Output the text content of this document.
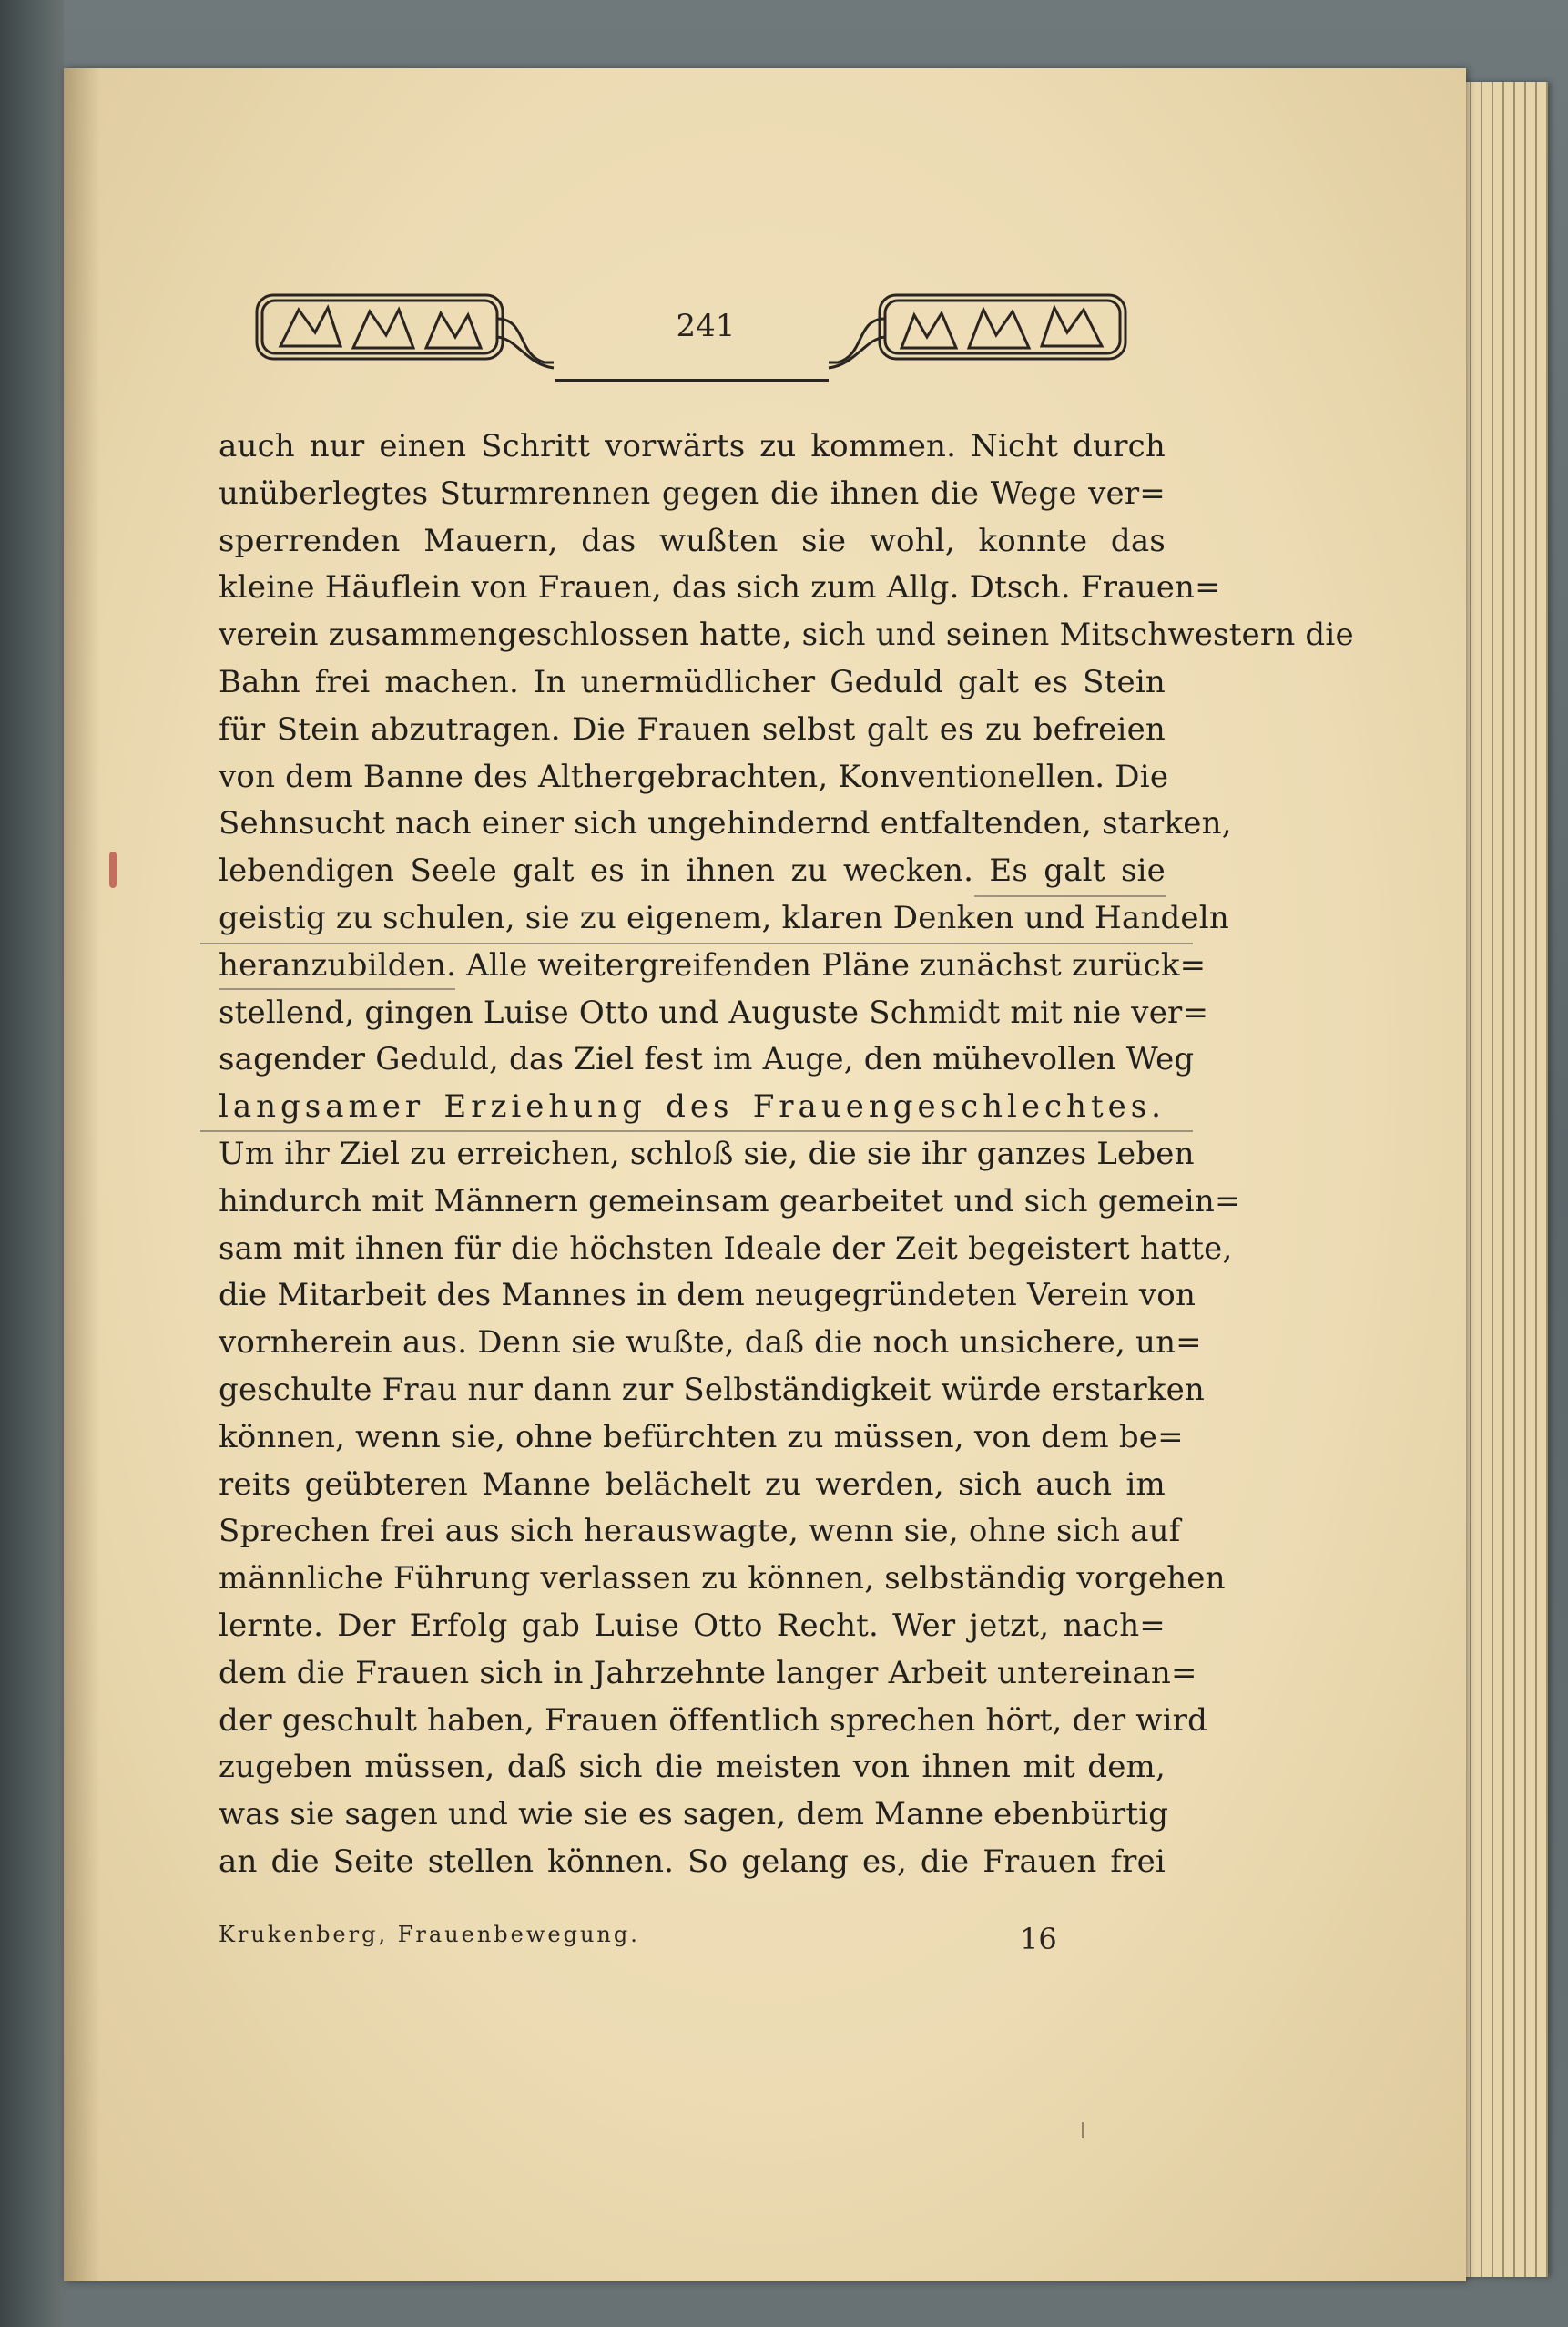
241
auch nur einen Schritt vorwärts zu kommen. Nicht durch
unüberlegtes Sturmrennen gegen die ihnen die Wege ver=
sperrenden Mauern, das wußten sie wohl, konnte das
kleine Häuflein von Frauen, das sich zum Allg. Dtsch. Frauen=
verein zusammengeschlossen hatte, sich und seinen Mitschwestern die
Bahn frei machen. In unermüdlicher Geduld galt es Stein
für Stein abzutragen. Die Frauen selbst galt es zu befreien
von dem Banne des Althergebrachten, Konventionellen. Die
Sehnsucht nach einer sich ungehindernd entfaltenden, starken,
lebendigen Seele galt es in ihnen zu wecken. Es galt sie
geistig zu schulen, sie zu eigenem, klaren Denken und Handeln
heranzubilden. Alle weitergreifenden Pläne zunächst zurück=
stellend, gingen Luise Otto und Auguste Schmidt mit nie ver=
sagender Geduld, das Ziel fest im Auge, den mühevollen Weg
langsamer Erziehung des Frauengeschlechtes.
Um ihr Ziel zu erreichen, schloß sie, die sie ihr ganzes Leben
hindurch mit Männern gemeinsam gearbeitet und sich gemein=
sam mit ihnen für die höchsten Ideale der Zeit begeistert hatte,
die Mitarbeit des Mannes in dem neugegründeten Verein von
vornherein aus. Denn sie wußte, daß die noch unsichere, un=
geschulte Frau nur dann zur Selbständigkeit würde erstarken
können, wenn sie, ohne befürchten zu müssen, von dem be=
reits geübteren Manne belächelt zu werden, sich auch im
Sprechen frei aus sich herauswagte, wenn sie, ohne sich auf
männliche Führung verlassen zu können, selbständig vorgehen
lernte. Der Erfolg gab Luise Otto Recht. Wer jetzt, nach=
dem die Frauen sich in Jahrzehnte langer Arbeit untereinan=
der geschult haben, Frauen öffentlich sprechen hört, der wird
zugeben müssen, daß sich die meisten von ihnen mit dem,
was sie sagen und wie sie es sagen, dem Manne ebenbürtig
an die Seite stellen können. So gelang es, die Frauen frei
Krukenberg, Frauenbewegung.	16
